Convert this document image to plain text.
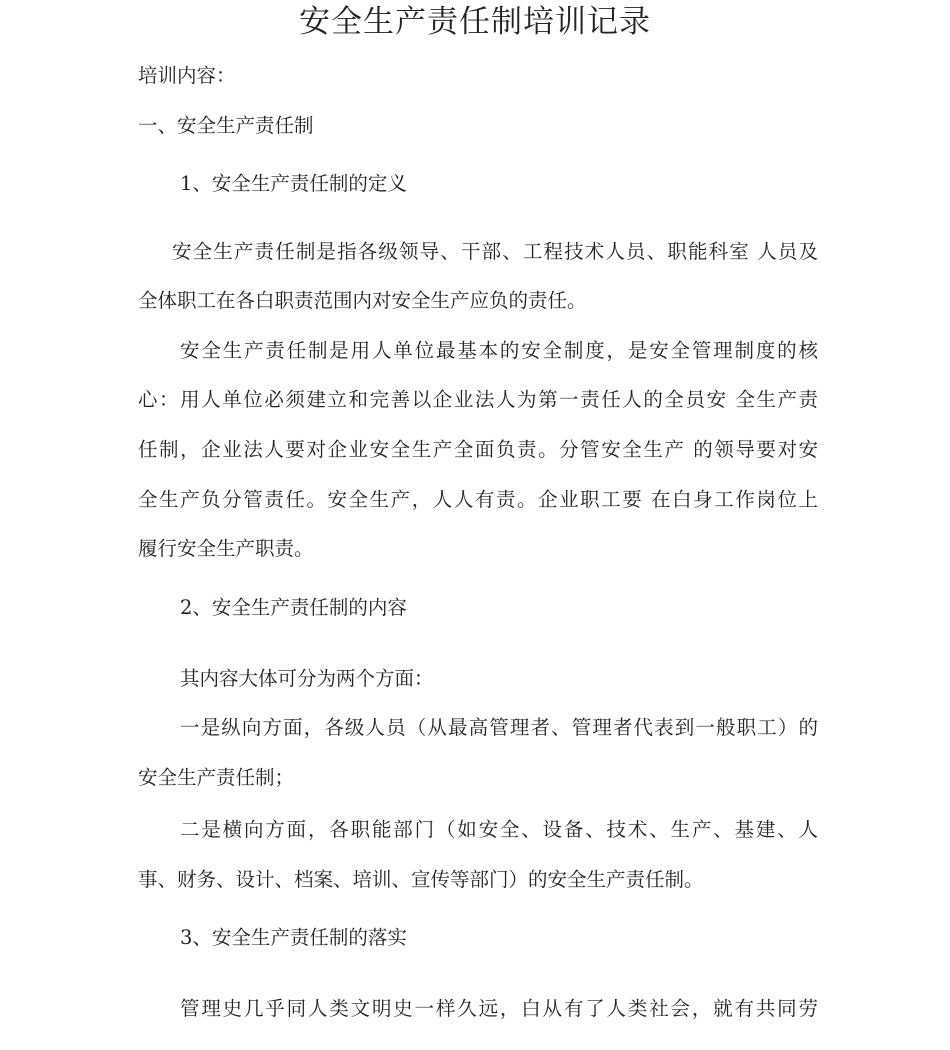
安全生产责任制培训记录
培训内容：
一、安全生产责任制
1、安全生产责任制的定义
安全生产责任制是指各级领导、干部、工程技术人员、职能科室 人员及
全体职工在各白职责范围内对安全生产应负的责任。
安全生产责任制是用人单位最基本的安全制度，是安全管理制度的核
心：用人单位必须建立和完善以企业法人为第一责任人的全员安 全生产责
任制，企业法人要对企业安全生产全面负责。分管安全生产 的领导要对安
全生产负分管责任。安全生产，人人有责。企业职工要 在白身工作岗位上
履行安全生产职责。
2、安全生产责任制的内容
其内容大体可分为两个方面：
一是纵向方面，各级人员（从最高管理者、管理者代表到一般职工）的
安全生产责任制；
二是横向方面，各职能部门（如安全、设备、技术、生产、基建、人
事、财务、设计、档案、培训、宣传等部门）的安全生产责任制。
3、安全生产责任制的落实
管理史几乎同人类文明史一样久远，白从有了人类社会，就有共同劳
